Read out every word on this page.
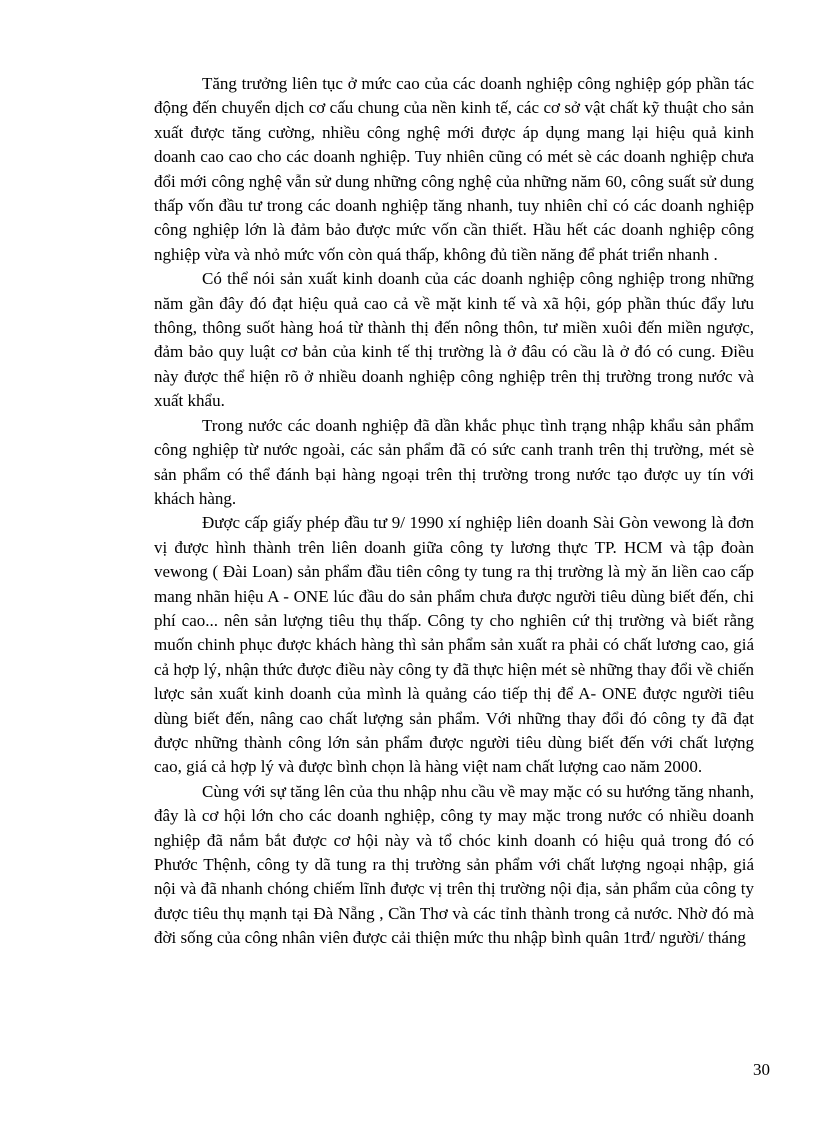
Tăng trưởng liên tục ở mức cao của các doanh nghiệp công nghiệp góp phần tác động đến chuyển dịch cơ cấu chung của nền kinh tế, các cơ sở vật chất kỹ thuật cho sản xuất được tăng cường, nhiều công nghệ mới được áp dụng mang lại hiệu quả kinh doanh cao cao cho các doanh nghiệp. Tuy nhiên cũng có mét sè các doanh nghiệp chưa đổi mới công nghệ vẫn sử dung những công nghệ của những năm 60, công suất sử dung thấp vốn đầu tư trong các doanh nghiệp tăng nhanh, tuy nhiên chỉ có các doanh nghiệp công nghiệp lớn là đảm bảo được mức vốn cần thiết. Hầu hết các doanh nghiệp công nghiệp vừa và nhỏ mức vốn còn quá thấp, không đủ tiền năng để phát triển nhanh .

Có thể nói sản xuất kinh doanh của các doanh nghiệp công nghiệp trong những năm gần đây đó đạt hiệu quả cao cả về mặt kinh tế và xã hội, góp phần thúc đẩy lưu thông, thông suốt hàng hoá từ thành thị đến nông thôn, tư miền xuôi đến miền ngược, đảm bảo quy luật cơ bản của kinh tế thị trường là ở đâu có cầu là ở đó có cung. Điều này được thể hiện rõ ở nhiều doanh nghiệp công nghiệp trên thị trường trong nước và xuất khẩu.

Trong nước các doanh nghiệp đã dần khắc phục tình trạng nhập khẩu sản phẩm công nghiệp từ nước ngoài, các sản phẩm đã có sức canh tranh trên thị trường, mét sè sản phẩm có thể đánh bại hàng ngoại trên thị trường trong nước tạo được uy tín với khách hàng.

Được cấp giấy phép đầu tư 9/ 1990 xí nghiệp liên doanh Sài Gòn vewong là đơn vị được hình thành trên liên doanh giữa công ty lương thực TP. HCM và tập đoàn vewong ( Đài Loan) sản phẩm đầu tiên công ty tung ra thị trường là mỳ ăn liền cao cấp mang nhãn hiệu A - ONE lúc đầu do sản phẩm chưa được người tiêu dùng biết đến, chi phí cao... nên sản lượng tiêu thụ thấp. Công ty cho nghiên cứ thị trường và biết rằng muốn chinh phục được khách hàng thì sản phẩm sản xuất ra phải có chất lương cao, giá cả hợp lý, nhận thức được điều này công ty đã thực hiện mét sè những thay đổi về chiến lược sản xuất kinh doanh của mình là quảng cáo tiếp thị để A- ONE được người tiêu dùng biết đến, nâng cao chất lượng sản phẩm. Với những thay đổi đó công ty đã đạt được những thành công lớn sản phẩm được người tiêu dùng biết đến với chất lượng cao, giá cả hợp lý và được bình chọn là hàng việt nam chất lượng cao năm 2000.

Cùng với sự tăng lên của thu nhập nhu cầu về may mặc có su hướng tăng nhanh, đây là cơ hội lớn cho các doanh nghiệp, công ty may mặc trong nước có nhiều doanh nghiệp đã nắm bắt được cơ hội này và tổ chóc kinh doanh có hiệu quả trong đó có Phước Thệnh, công ty dã tung ra thị trường sản phẩm với chất lượng ngoại nhập, giá nội và đã nhanh chóng chiếm lĩnh được vị trên thị trường nội địa, sản phẩm của công ty được tiêu thụ mạnh tại Đà Nẵng , Cần Thơ và các tỉnh thành trong cả nước. Nhờ đó mà đời sống của công nhân viên được cải thiện mức thu nhập bình quân 1trđ/ người/ tháng

30
